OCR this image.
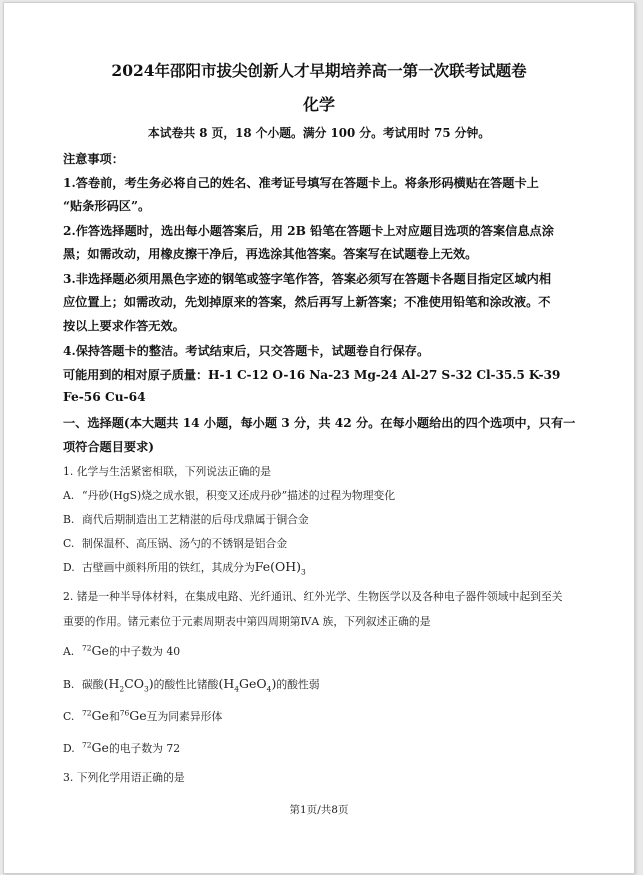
2024年邵阳市拔尖创新人才早期培养高一第一次联考试题卷
化学
本试卷共 8 页，18 个小题。满分 100 分。考试用时 75 分钟。
注意事项：
1.答卷前，考生务必将自己的姓名、准考证号填写在答题卡上。将条形码横贴在答题卡上
“贴条形码区”。
2.作答选择题时，选出每小题答案后，用 2B 铅笔在答题卡上对应题目选项的答案信息点涂
黑；如需改动，用橡皮擦干净后，再选涂其他答案。答案写在试题卷上无效。
3.非选择题必须用黑色字迹的钢笔或签字笔作答，答案必须写在答题卡各题目指定区域内相
应位置上；如需改动，先划掉原来的答案，然后再写上新答案；不准使用铅笔和涂改液。不
按以上要求作答无效。
4.保持答题卡的整洁。考试结束后，只交答题卡，试题卷自行保存。
可能用到的相对原子质量：H-1 C-12 O-16 Na-23 Mg-24 Al-27 S-32 Cl-35.5 K-39
Fe-56 Cu-64
一、选择题(本大题共 14 小题，每小题 3 分，共 42 分。在每小题给出的四个选项中，只有一
项符合题目要求)
1. 化学与生活紧密相联，下列说法正确的是
A. “丹砂(HgS)烧之成水银，积变又还成丹砂”描述的过程为物理变化
B. 商代后期制造出工艺精湛的后母戊鼎属于铜合金
C. 制保温杯、高压锅、汤勺的不锈钢是铝合金
D. 古壁画中颜料所用的铁红，其成分为$Fe(OH)_3$
2. 锗是一种半导体材料，在集成电路、光纤通讯、红外光学、生物医学以及各种电子器件领域中起到至关
重要的作用。锗元素位于元素周期表中第四周期第ⅣA 族，下列叙述正确的是
A. $^{72}$Ge的中子数为 40
B. 碳酸$(H_2CO_3)$的酸性比锗酸$(H_4GeO_4)$的酸性弱
C. $^{72}$Ge和$^{76}$Ge互为同素异形体
D. $^{72}$Ge的电子数为 72
3. 下列化学用语正确的是
第1页/共8页
